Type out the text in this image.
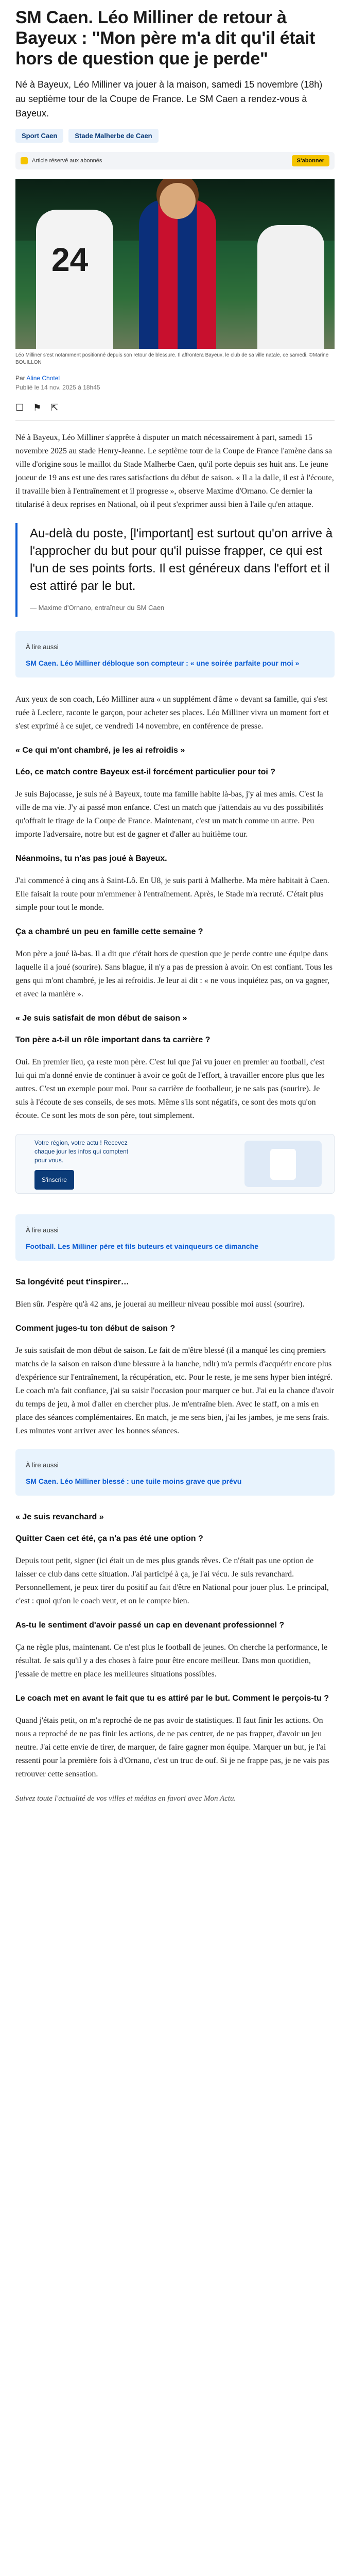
SM Caen. Léo Milliner de retour à Bayeux : "Mon père m'a dit qu'il était hors de question que je perde"

Né à Bayeux, Léo Milliner va jouer à la maison, samedi 15 novembre (18h) au septième tour de la Coupe de France. Le SM Caen a rendez-vous à Bayeux.

Sport Caen	Stade Malherbe de Caen
Article réservé aux abonnés	S'abonner
24

Léo Milliner s'est notamment positionné depuis son retour de blessure. Il affrontera Bayeux, le club de sa ville natale, ce samedi. ©Marine BOUILLON

Par Aline Chotel
Publié le 14 nov. 2025 à 18h45
☐ ⚑ ⇱

Né à Bayeux, Léo Milliner s'apprête à disputer un match nécessairement à part, samedi 15 novembre 2025 au stade Henry-Jeanne. Le septième tour de la Coupe de France l'amène dans sa ville d'origine sous le maillot du Stade Malherbe Caen, qu'il porte depuis ses huit ans. Le jeune joueur de 19 ans est une des rares satisfactions du début de saison. « Il a la dalle, il est à l'écoute, il travaille bien à l'entraînement et il progresse », observe Maxime d'Ornano. Ce dernier la titularisé à deux reprises en National, où il peut s'exprimer aussi bien à l'aile qu'en attaque.

Au-delà du poste, [l'important] est surtout qu'on arrive à l'approcher du but pour qu'il puisse frapper, ce qui est l'un de ses points forts. Il est généreux dans l'effort et il est attiré par le but.
— Maxime d'Ornano, entraîneur du SM Caen
À lire aussi
SM Caen. Léo Milliner débloque son compteur : « une soirée parfaite pour moi »

Aux yeux de son coach, Léo Milliner aura « un supplément d'âme » devant sa famille, qui s'est ruée à Leclerc, raconte le garçon, pour acheter ses places. Léo Milliner vivra un moment fort et s'est exprimé à ce sujet, ce vendredi 14 novembre, en conférence de presse.

« Ce qui m'ont chambré, je les ai refroidis »
Léo, ce match contre Bayeux est-il forcément particulier pour toi ?

Je suis Bajocasse, je suis né à Bayeux, toute ma famille habite là-bas, j'y ai mes amis. C'est la ville de ma vie. J'y ai passé mon enfance. C'est un match que j'attendais au vu des possibilités qu'offrait le tirage de la Coupe de France. Maintenant, c'est un match comme un autre. Peu importe l'adversaire, notre but est de gagner et d'aller au huitième tour.

Néanmoins, tu n'as pas joué à Bayeux.

J'ai commencé à cinq ans à Saint-Lô. En U8, je suis parti à Malherbe. Ma mère habitait à Caen. Elle faisait la route pour m'emmener à l'entraînement. Après, le Stade m'a recruté. C'était plus simple pour tout le monde.

Ça a chambré un peu en famille cette semaine ?

Mon père a joué là-bas. Il a dit que c'était hors de question que je perde contre une équipe dans laquelle il a joué (sourire). Sans blague, il n'y a pas de pression à avoir. On est confiant. Tous les gens qui m'ont chambré, je les ai refroidis. Je leur ai dit : « ne vous inquiétez pas, on va gagner, et avec la manière ».

« Je suis satisfait de mon début de saison »
Ton père a-t-il un rôle important dans ta carrière ?

Oui. En premier lieu, ça reste mon père. C'est lui que j'ai vu jouer en premier au football, c'est lui qui m'a donné envie de continuer à avoir ce goût de l'effort, à travailler encore plus que les autres. C'est un exemple pour moi. Pour sa carrière de footballeur, je ne sais pas (sourire). Je suis à l'écoute de ses conseils, de ses mots. Même s'ils sont négatifs, ce sont des mots qu'on écoute. Ce sont les mots de son père, tout simplement.

Votre région, votre actu ! Recevez chaque jour les infos qui comptent pour vous.
S'inscrire
À lire aussi
Football. Les Milliner père et fils buteurs et vainqueurs ce dimanche
Sa longévité peut t'inspirer…

Bien sûr. J'espère qu'à 42 ans, je jouerai au meilleur niveau possible moi aussi (sourire).

Comment juges-tu ton début de saison ?

Je suis satisfait de mon début de saison. Le fait de m'être blessé (il a manqué les cinq premiers matchs de la saison en raison d'une blessure à la hanche, ndlr) m'a permis d'acquérir encore plus d'expérience sur l'entraînement, la récupération, etc. Pour le reste, je me sens hyper bien intégré. Le coach m'a fait confiance, j'ai su saisir l'occasion pour marquer ce but. J'ai eu la chance d'avoir du temps de jeu, à moi d'aller en chercher plus. Je m'entraîne bien. Avec le staff, on a mis en place des séances complémentaires. En match, je me sens bien, j'ai les jambes, je me sens frais. Les minutes vont arriver avec les bonnes séances.

À lire aussi
SM Caen. Léo Milliner blessé : une tuile moins grave que prévu
« Je suis revanchard »
Quitter Caen cet été, ça n'a pas été une option ?

Depuis tout petit, signer (ici était un de mes plus grands rêves. Ce n'était pas une option de laisser ce club dans cette situation. J'ai participé à ça, je l'ai vécu. Je suis revanchard. Personnellement, je peux tirer du positif au fait d'être en National pour jouer plus. Le principal, c'est : quoi qu'on le coach veut, et on le compte bien.

As-tu le sentiment d'avoir passé un cap en devenant professionnel ?

Ça ne règle plus, maintenant. Ce n'est plus le football de jeunes. On cherche la performance, le résultat. Je sais qu'il y a des choses à faire pour être encore meilleur. Dans mon quotidien, j'essaie de mettre en place les meilleures situations possibles.

Le coach met en avant le fait que tu es attiré par le but. Comment le perçois-tu ?

Quand j'étais petit, on m'a reproché de ne pas avoir de statistiques. Il faut finir les actions. On nous a reproché de ne pas finir les actions, de ne pas centrer, de ne pas frapper, d'avoir un jeu neutre. J'ai cette envie de tirer, de marquer, de faire gagner mon équipe. Marquer un but, je l'ai ressenti pour la première fois à d'Ornano, c'est un truc de ouf. Si je ne frappe pas, je ne vais pas retrouver cette sensation.

Suivez toute l'actualité de vos villes et médias en favori avec Mon Actu.
